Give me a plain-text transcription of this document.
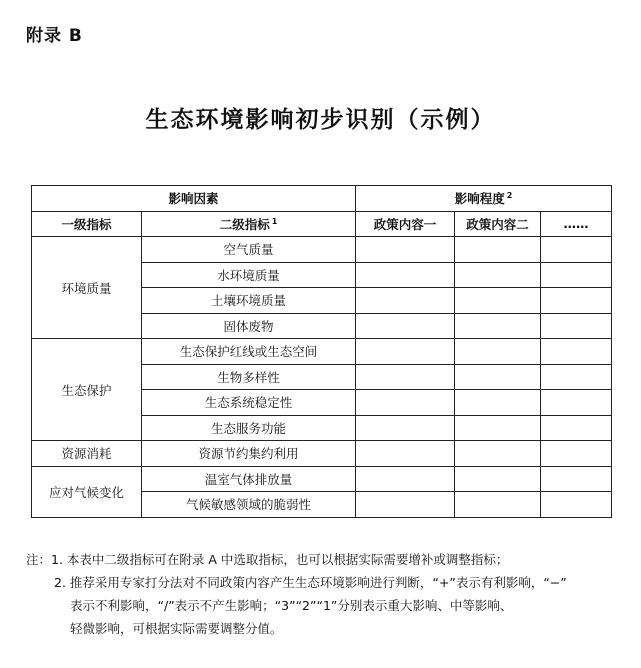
附录 B
生态环境影响初步识别（示例）
影响因素		影响程度 $^2$
一级指标	二级指标 $^1$	政策内容一	政策内容二	……
环境质量	空气质量			
	水环境质量			
	土壤环境质量			
	固体废物			
生态保护	生态保护红线或生态空间			
	生物多样性			
	生态系统稳定性			
	生态服务功能			
资源消耗	资源节约集约利用			
应对气候变化	温室气体排放量			
	气候敏感领域的脆弱性			
注：1. 本表中二级指标可在附录 A 中选取指标，也可以根据实际需要增补或调整指标；
2. 推荐采用专家打分法对不同政策内容产生生态环境影响进行判断，“+”表示有利影响，“−”
表示不利影响，“/”表示不产生影响；“3”“2”“1”分别表示重大影响、中等影响、
轻微影响，可根据实际需要调整分值。
